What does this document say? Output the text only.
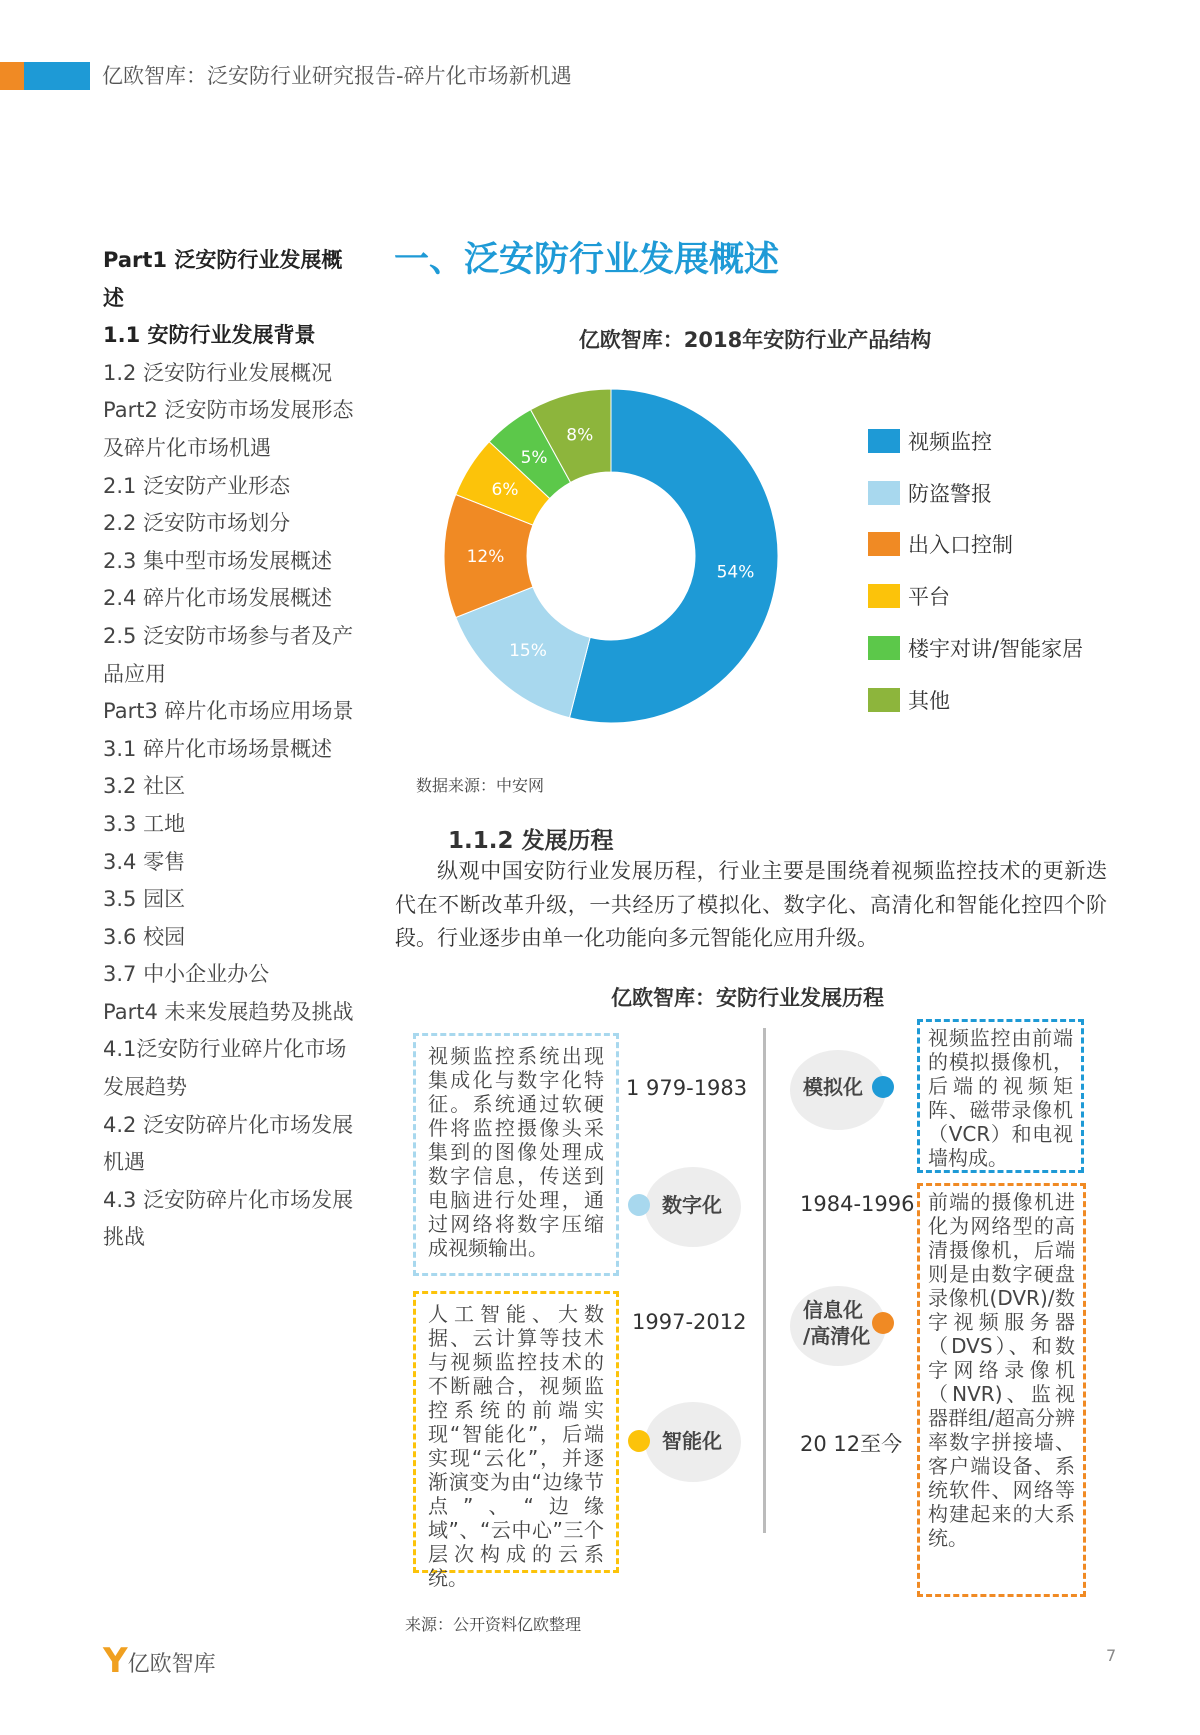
亿欧智库：泛安防行业研究报告-碎片化市场新机遇
Part1 泛安防行业发展概述
1.1 安防行业发展背景
1.2 泛安防行业发展概况
Part2 泛安防市场发展形态及碎片化市场机遇
2.1 泛安防产业形态
2.2 泛安防市场划分
2.3 集中型市场发展概述
2.4 碎片化市场发展概述
2.5 泛安防市场参与者及产品应用
Part3 碎片化市场应用场景
3.1 碎片化市场场景概述
3.2 社区
3.3 工地
3.4 零售
3.5 园区
3.6 校园
3.7 中小企业办公
Part4 未来发展趋势及挑战
4.1泛安防行业碎片化市场发展趋势
4.2 泛安防碎片化市场发展机遇
4.3 泛安防碎片化市场发展挑战
一、泛安防行业发展概述
亿欧智库：2018年安防行业产品结构
54%
15%
12%
6%
5%
8%	视频监控
防盗警报
出入口控制
平台
楼宇对讲/智能家居
其他
数据来源：中安网
1.1.2 发展历程
纵观中国安防行业发展历程，行业主要是围绕着视频监控技术的更新迭代在不断改革升级，一共经历了模拟化、数字化、高清化和智能化控四个阶段。行业逐步由单一化功能向多元智能化应用升级。
亿欧智库：安防行业发展历程
视频监控系统出现集成化与数字化特征。系统通过软硬件将监控摄像头采集到的图像处理成数字信息，传送到电脑进行处理，通过网络将数字压缩成视频输出。
人工智能、大数据、云计算等技术与视频监控技术的不断融合，视频监控系统的前端实现“智能化”，后端实现“云化”，并逐渐演变为由“边缘节点”、“边缘域”、“云中心”三个层次构成的云系统。
视频监控由前端的模拟摄像机，后端的视频矩阵、磁带录像机（VCR）和电视墙构成。
前端的摄像机进化为网络型的高清摄像机，后端则是由数字硬盘录像机(DVR)/数字视频服务器（DVS）、和数字网络录像机（NVR)、监视器群组/超高分辨率数字拼接墙、客户端设备、系统软件、网络等构建起来的大系统。
1 979-1983
1984-1996
1997-2012
20 12至今
模拟化
数字化
信息化
/高清化
智能化
来源：公开资料亿欧整理
Y 亿欧智库	7
